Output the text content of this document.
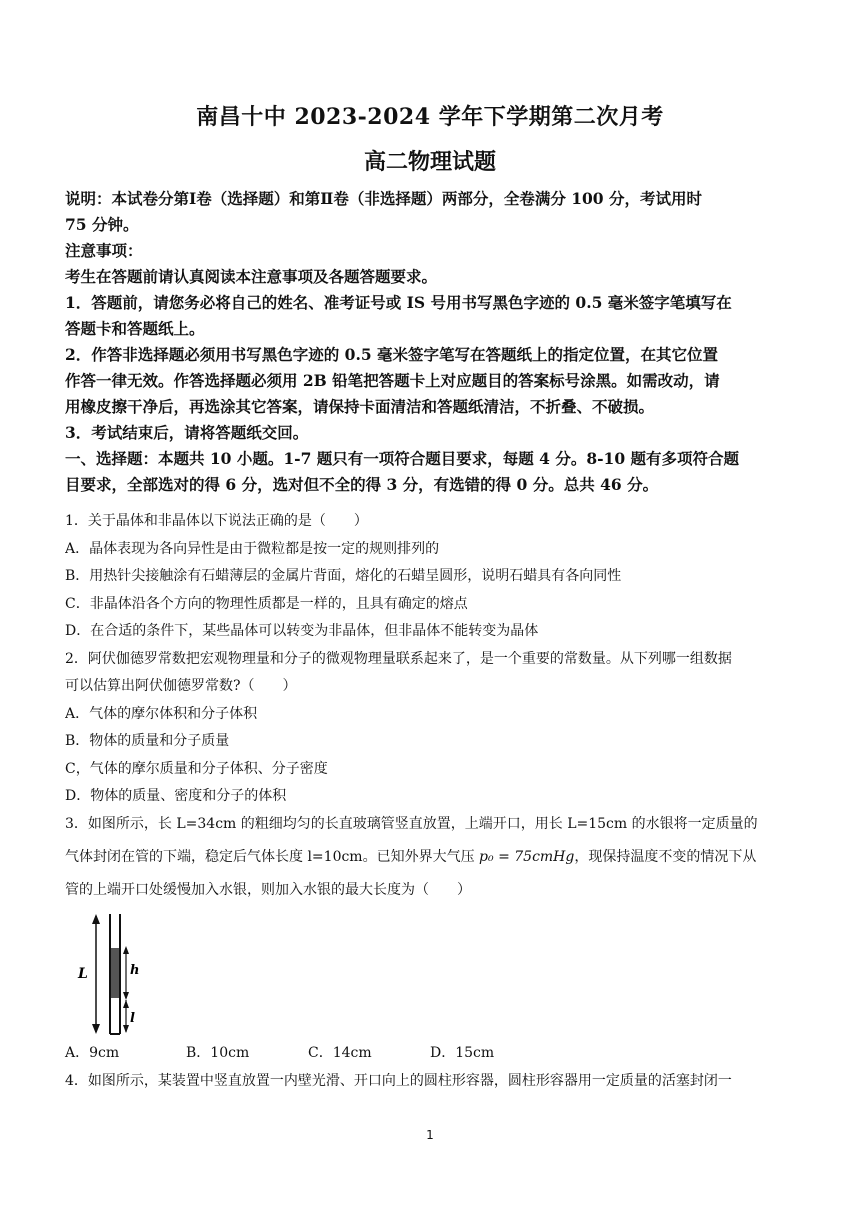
南昌十中 2023-2024 学年下学期第二次月考
高二物理试题
说明：本试卷分第Ⅰ卷（选择题）和第Ⅱ卷（非选择题）两部分，全卷满分 100 分，考试用时
75 分钟。
注意事项：
考生在答题前请认真阅读本注意事项及各题答题要求。
1．答题前，请您务必将自己的姓名、准考证号或 IS 号用书写黑色字迹的 0.5 毫米签字笔填写在
答题卡和答题纸上。
2．作答非选择题必须用书写黑色字迹的 0.5 毫米签字笔写在答题纸上的指定位置，在其它位置
作答一律无效。作答选择题必须用 2B 铅笔把答题卡上对应题目的答案标号涂黑。如需改动，请
用橡皮擦干净后，再选涂其它答案，请保持卡面清洁和答题纸清洁，不折叠、不破损。
3．考试结束后，请将答题纸交回。
一、选择题：本题共 10 小题。1-7 题只有一项符合题目要求，每题 4 分。8-10 题有多项符合题
目要求，全部选对的得 6 分，选对但不全的得 3 分，有选错的得 0 分。总共 46 分。
1．关于晶体和非晶体以下说法正确的是（　　）
A．晶体表现为各向异性是由于微粒都是按一定的规则排列的
B．用热针尖接触涂有石蜡薄层的金属片背面，熔化的石蜡呈圆形，说明石蜡具有各向同性
C．非晶体沿各个方向的物理性质都是一样的，且具有确定的熔点
D．在合适的条件下，某些晶体可以转变为非晶体，但非晶体不能转变为晶体
2．阿伏伽德罗常数把宏观物理量和分子的微观物理量联系起来了，是一个重要的常数量。从下列哪一组数据
可以估算出阿伏伽德罗常数?（　　）
A．气体的摩尔体积和分子体积
B．物体的质量和分子质量
C，气体的摩尔质量和分子体积、分子密度
D．物体的质量、密度和分子的体积
3．如图所示，长 L=34cm 的粗细均匀的长直玻璃管竖直放置，上端开口，用长 L=15cm 的水银将一定质量的
气体封闭在管的下端，稳定后气体长度 l=10cm。已知外界大气压 p₀ = 75cmHg，现保持温度不变的情况下从
管的上端开口处缓慢加入水银，则加入水银的最大长度为（　　）
L	h
l
A．9cm	B．10cm	C．14cm	D．15cm
4．如图所示，某装置中竖直放置一内壁光滑、开口向上的圆柱形容器，圆柱形容器用一定质量的活塞封闭一
1
